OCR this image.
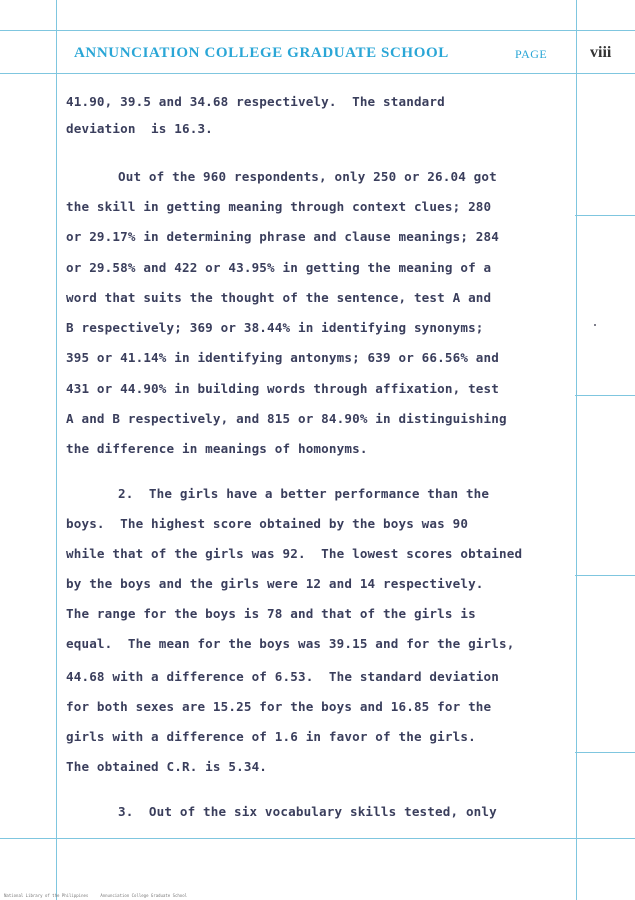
ANNUNCIATION COLLEGE GRADUATE SCHOOL	PAGE	viii
41.90, 39.5 and 34.68 respectively.  The standard
deviation  is 16.3.
Out of the 960 respondents, only 250 or 26.04 got
the skill in getting meaning through context clues; 280
or 29.17% in determining phrase and clause meanings; 284
or 29.58% and 422 or 43.95% in getting the meaning of a
word that suits the thought of the sentence, test A and
B respectively; 369 or 38.44% in identifying synonyms;
395 or 41.14% in identifying antonyms; 639 or 66.56% and
431 or 44.90% in building words through affixation, test
A and B respectively, and 815 or 84.90% in distinguishing
the difference in meanings of homonyms.
2.  The girls have a better performance than the
boys.  The highest score obtained by the boys was 90
while that of the girls was 92.  The lowest scores obtained
by the boys and the girls were 12 and 14 respectively.
The range for the boys is 78 and that of the girls is
equal.  The mean for the boys was 39.15 and for the girls,
44.68 with a difference of 6.53.  The standard deviation
for both sexes are 15.25 for the boys and 16.85 for the
girls with a difference of 1.6 in favor of the girls.
The obtained C.R. is 5.34.
3.  Out of the six vocabulary skills tested, only
National Library of the Philippines     Annunciation College Graduate School
